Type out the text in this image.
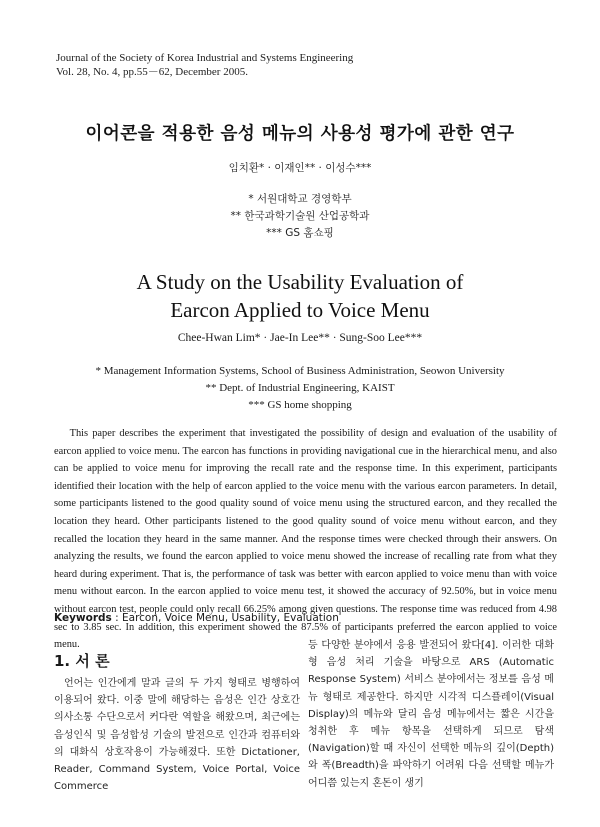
Journal of the Society of Korea Industrial and Systems Engineering
Vol. 28, No. 4, pp.55－62, December 2005.
이어콘을 적용한 음성 메뉴의 사용성 평가에 관한 연구
임치환* · 이재인** · 이성수***
* 서원대학교 경영학부
** 한국과학기술원 산업공학과
*** GS 홈쇼핑
A Study on the Usability Evaluation of
Earcon Applied to Voice Menu
Chee-Hwan Lim* · Jae-In Lee** · Sung-Soo Lee***
* Management Information Systems, School of Business Administration, Seowon University
** Dept. of Industrial Engineering, KAIST
*** GS home shopping

This paper describes the experiment that investigated the possibility of design and evaluation of the usability of earcon applied to voice menu. The earcon has functions in providing navigational cue in the hierarchical menu, and also can be applied to voice menu for improving the recall rate and the response time. In this experiment, participants identified their location with the help of earcon applied to the voice menu with the various earcon parameters. In detail, some participants listened to the good quality sound of voice menu using the structured earcon, and they recalled the location they heard. Other participants listened to the good quality sound of voice menu without earcon, and they recalled the location they heard in the same manner. And the response times were checked through their answers. On analyzing the results, we found the earcon applied to voice menu showed the increase of recalling rate from what they heard during experiment. That is, the performance of task was better with earcon applied to voice menu than with voice menu without earcon. In the earcon applied to voice menu test, it showed the accuracy of 92.50%, but in voice menu without earcon test, people could only recall 66.25% among given questions. The response time was reduced from 4.98 sec to 3.85 sec. In addition, this experiment showed the 87.5% of participants preferred the earcon applied to voice menu.

Keywords : Earcon, Voice Menu, Usability, Evaluation
1. 서 론

언어는 인간에게 말과 글의 두 가지 형태로 병행하여 이용되어 왔다. 이중 말에 해당하는 음성은 인간 상호간 의사소통 수단으로서 커다란 역할을 해왔으며, 최근에는 음성인식 및 음성합성 기술의 발전으로 인간과 컴퓨터와의 대화식 상호작용이 가능해졌다. 또한 Dictationer, Reader, Command System, Voice Portal, Voice Commerce

등 다양한 분야에서 응용 발전되어 왔다[4]. 이러한 대화형 음성 처리 기술을 바탕으로 ARS (Automatic Response System) 서비스 분야에서는 정보를 음성 메뉴 형태로 제공한다. 하지만 시각적 디스플레이(Visual Display)의 메뉴와 달리 음성 메뉴에서는 짧은 시간을 청취한 후 메뉴 항목을 선택하게 되므로 탐색(Navigation)할 때 자신이 선택한 메뉴의 깊이(Depth)와 폭(Breadth)을 파악하기 어려워 다음 선택할 메뉴가 어디쯤 있는지 혼돈이 생기
